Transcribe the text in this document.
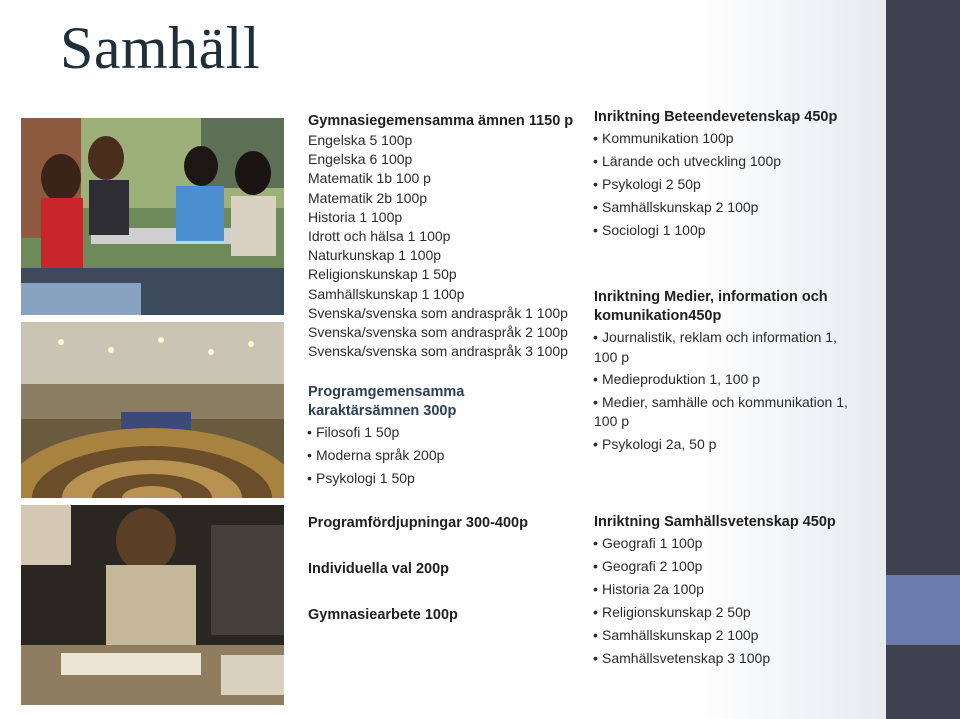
Samhäll
Gymnasiegemensamma ämnen 1150 p
Engelska 5 100p
Engelska 6 100p
Matematik 1b 100 p
Matematik 2b 100p
Historia 1 100p
Idrott och hälsa 1 100p
Naturkunskap 1 100p
Religionskunskap 1 50p
Samhällskunskap 1 100p
Svenska/svenska som andraspråk 1 100p
Svenska/svenska som andraspråk 2 100p
Svenska/svenska som andraspråk 3 100p
Programgemensamma
karaktärsämnen 300p
• Filosofi 1 50p
• Moderna språk 200p
• Psykologi 1 50p
Programfördjupningar 300-400p
Individuella val 200p
Gymnasiearbete 100p
Inriktning Beteendevetenskap 450p
• Kommunikation 100p
• Lärande och utveckling 100p
• Psykologi 2 50p
• Samhällskunskap 2 100p
• Sociologi 1 100p
Inriktning Medier, information och
komunikation450p
• Journalistik, reklam och information 1,
100 p
• Medieproduktion 1, 100 p
• Medier, samhälle och kommunikation 1,
100 p
• Psykologi 2a, 50 p
Inriktning Samhällsvetenskap 450p
• Geografi 1 100p
• Geografi 2 100p
• Historia 2a 100p
• Religionskunskap 2 50p
• Samhällskunskap 2 100p
• Samhällsvetenskap 3 100p
